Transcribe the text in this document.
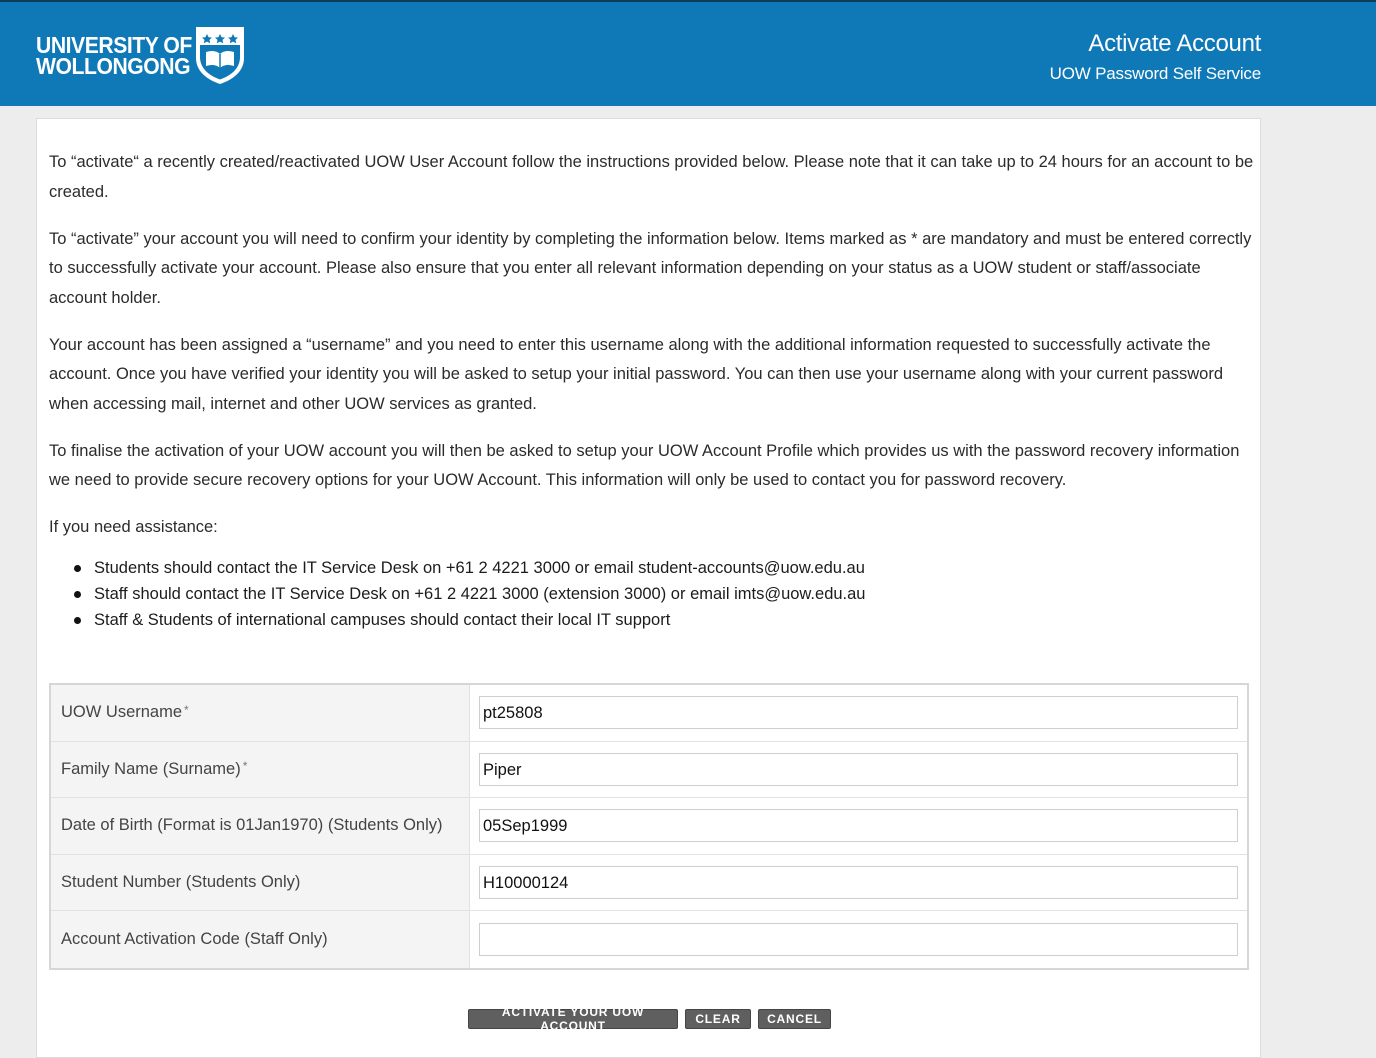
UNIVERSITY OF
WOLLONGONG
Activate Account
UOW Password Self Service

To “activate“ a recently created/reactivated UOW User Account follow the instructions provided below. Please note that it can take up to 24 hours for an account to be created.

To “activate” your account you will need to confirm your identity by completing the information below. Items marked as * are mandatory and must be entered correctly to successfully activate your account. Please also ensure that you enter all relevant information depending on your status as a UOW student or staff/associate account holder.

Your account has been assigned a “username” and you need to enter this username along with the additional information requested to successfully activate the account. Once you have verified your identity you will be asked to setup your initial password. You can then use your username along with your current password when accessing mail, internet and other UOW services as granted.

To finalise the activation of your UOW account you will then be asked to setup your UOW Account Profile which provides us with the password recovery information we need to provide secure recovery options for your UOW Account. This information will only be used to contact you for password recovery.

If you need assistance:

Students should contact the IT Service Desk on +61 2 4221 3000 or email student-accounts@uow.edu.au
Staff should contact the IT Service Desk on +61 2 4221 3000 (extension 3000) or email imts@uow.edu.au
Staff & Students of international campuses should contact their local IT support
UOW Username *
pt25808
Family Name (Surname) *
Piper
Date of Birth (Format is 01Jan1970) (Students Only)
05Sep1999
Student Number (Students Only)
H10000124
Account Activation Code (Staff Only)
ACTIVATE YOUR UOW ACCOUNT	CLEAR	CANCEL
